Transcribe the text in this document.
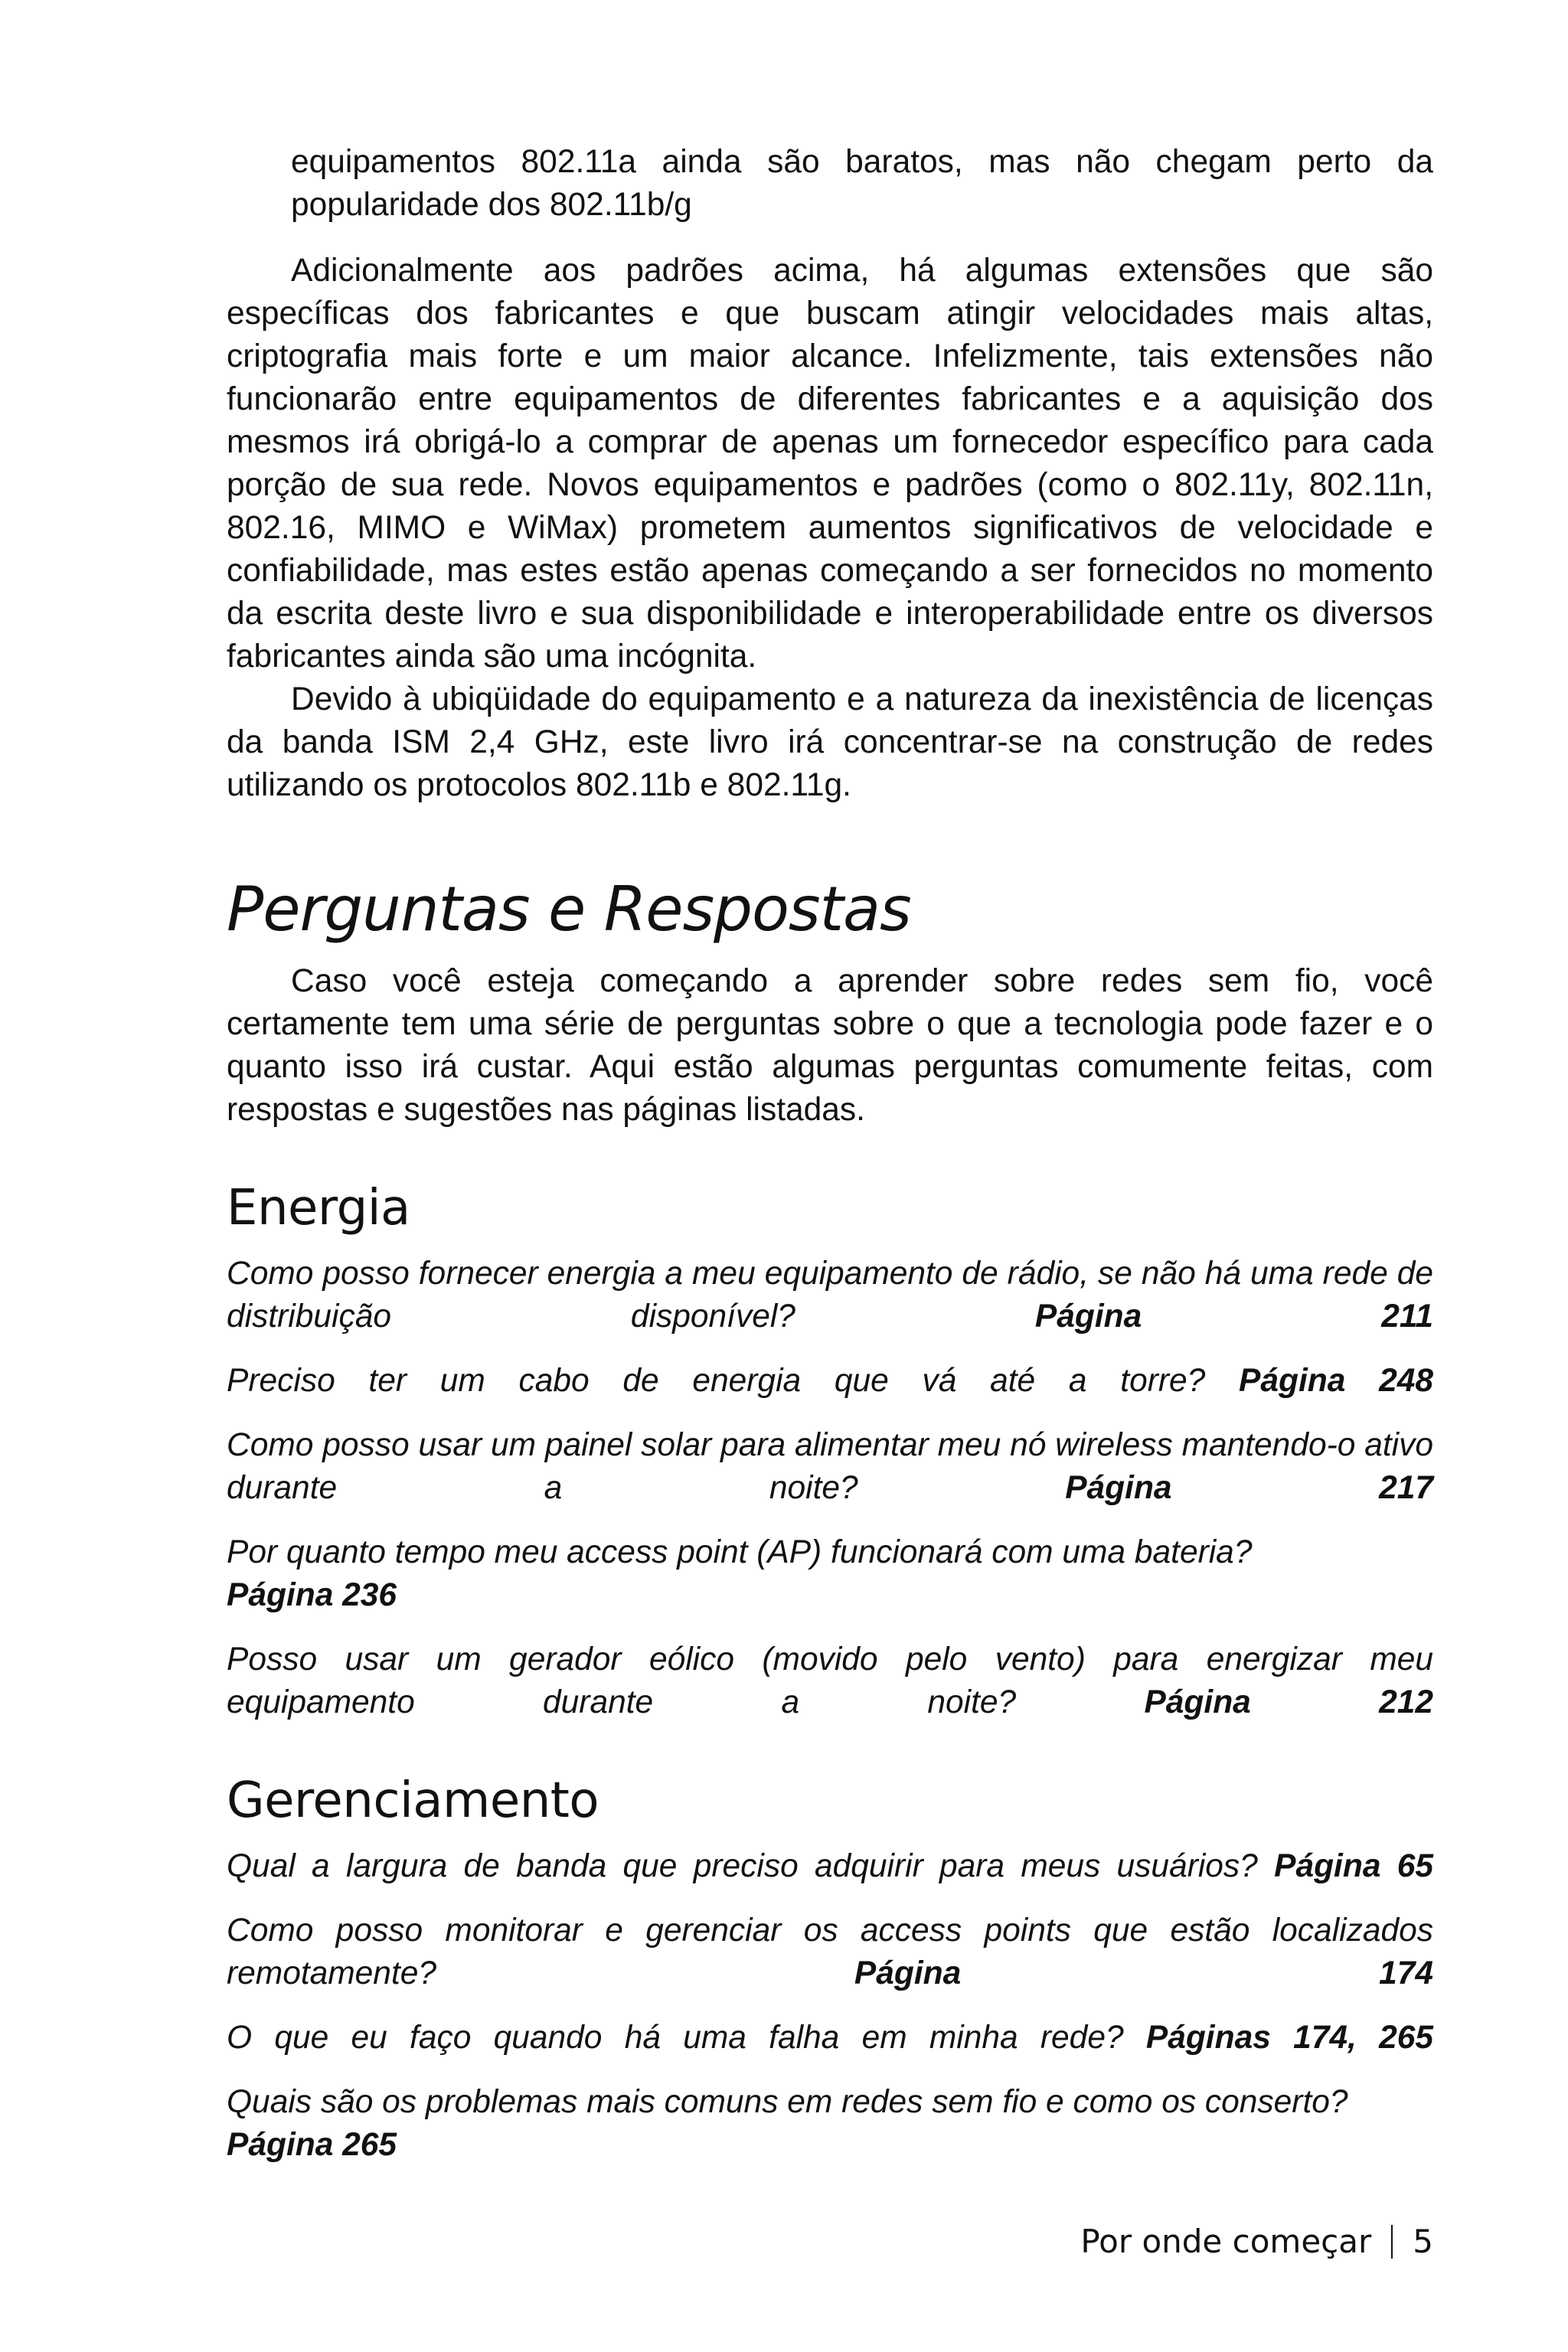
equipamentos 802.11a ainda são baratos, mas não chegam perto da popularidade dos 802.11b/g

Adicionalmente aos padrões acima, há algumas extensões que são específicas dos fabricantes e que buscam atingir velocidades mais altas, criptografia mais forte e um maior alcance. Infelizmente, tais extensões não funcionarão entre equipamentos de diferentes fabricantes e a aquisição dos mesmos irá obrigá-lo a comprar de apenas um fornecedor específico para cada porção de sua rede. Novos equipamentos e padrões (como o 802.11y, 802.11n, 802.16, MIMO e WiMax) prometem aumentos significativos de velocidade e confiabilidade, mas estes estão apenas começando a ser fornecidos no momento da escrita deste livro e sua disponibilidade e interoperabilidade entre os diversos fabricantes ainda são uma incógnita.

Devido à ubiqüidade do equipamento e a natureza da inexistência de licenças da banda ISM 2,4 GHz, este livro irá concentrar-se na construção de redes utilizando os protocolos 802.11b e 802.11g.

Perguntas e Respostas

Caso você esteja começando a aprender sobre redes sem fio, você certamente tem uma série de perguntas sobre o que a tecnologia pode fazer e o quanto isso irá custar. Aqui estão algumas perguntas comumente feitas, com respostas e sugestões nas páginas listadas.

Energia
Como posso fornecer energia a meu equipamento de rádio, se não há uma rede de distribuição disponível?	Página 211
Preciso ter um cabo de energia que vá até a torre? Página 248
Como posso usar um painel solar para alimentar meu nó wireless mantendo-o ativo durante a noite?	Página 217
Por quanto tempo meu access point (AP) funcionará com uma bateria?
Página 236
Posso usar um gerador eólico (movido pelo vento) para energizar meu equipamento durante a noite?	Página 212
Gerenciamento
Qual a largura de banda que preciso adquirir para meus usuários? Página 65
Como posso monitorar e gerenciar os access points que estão localizados remotamente?	Página 174
O que eu faço quando há uma falha em minha rede? Páginas 174, 265
Quais são os problemas mais comuns em redes sem fio e como os conserto?
Página 265
Por onde começar 5
